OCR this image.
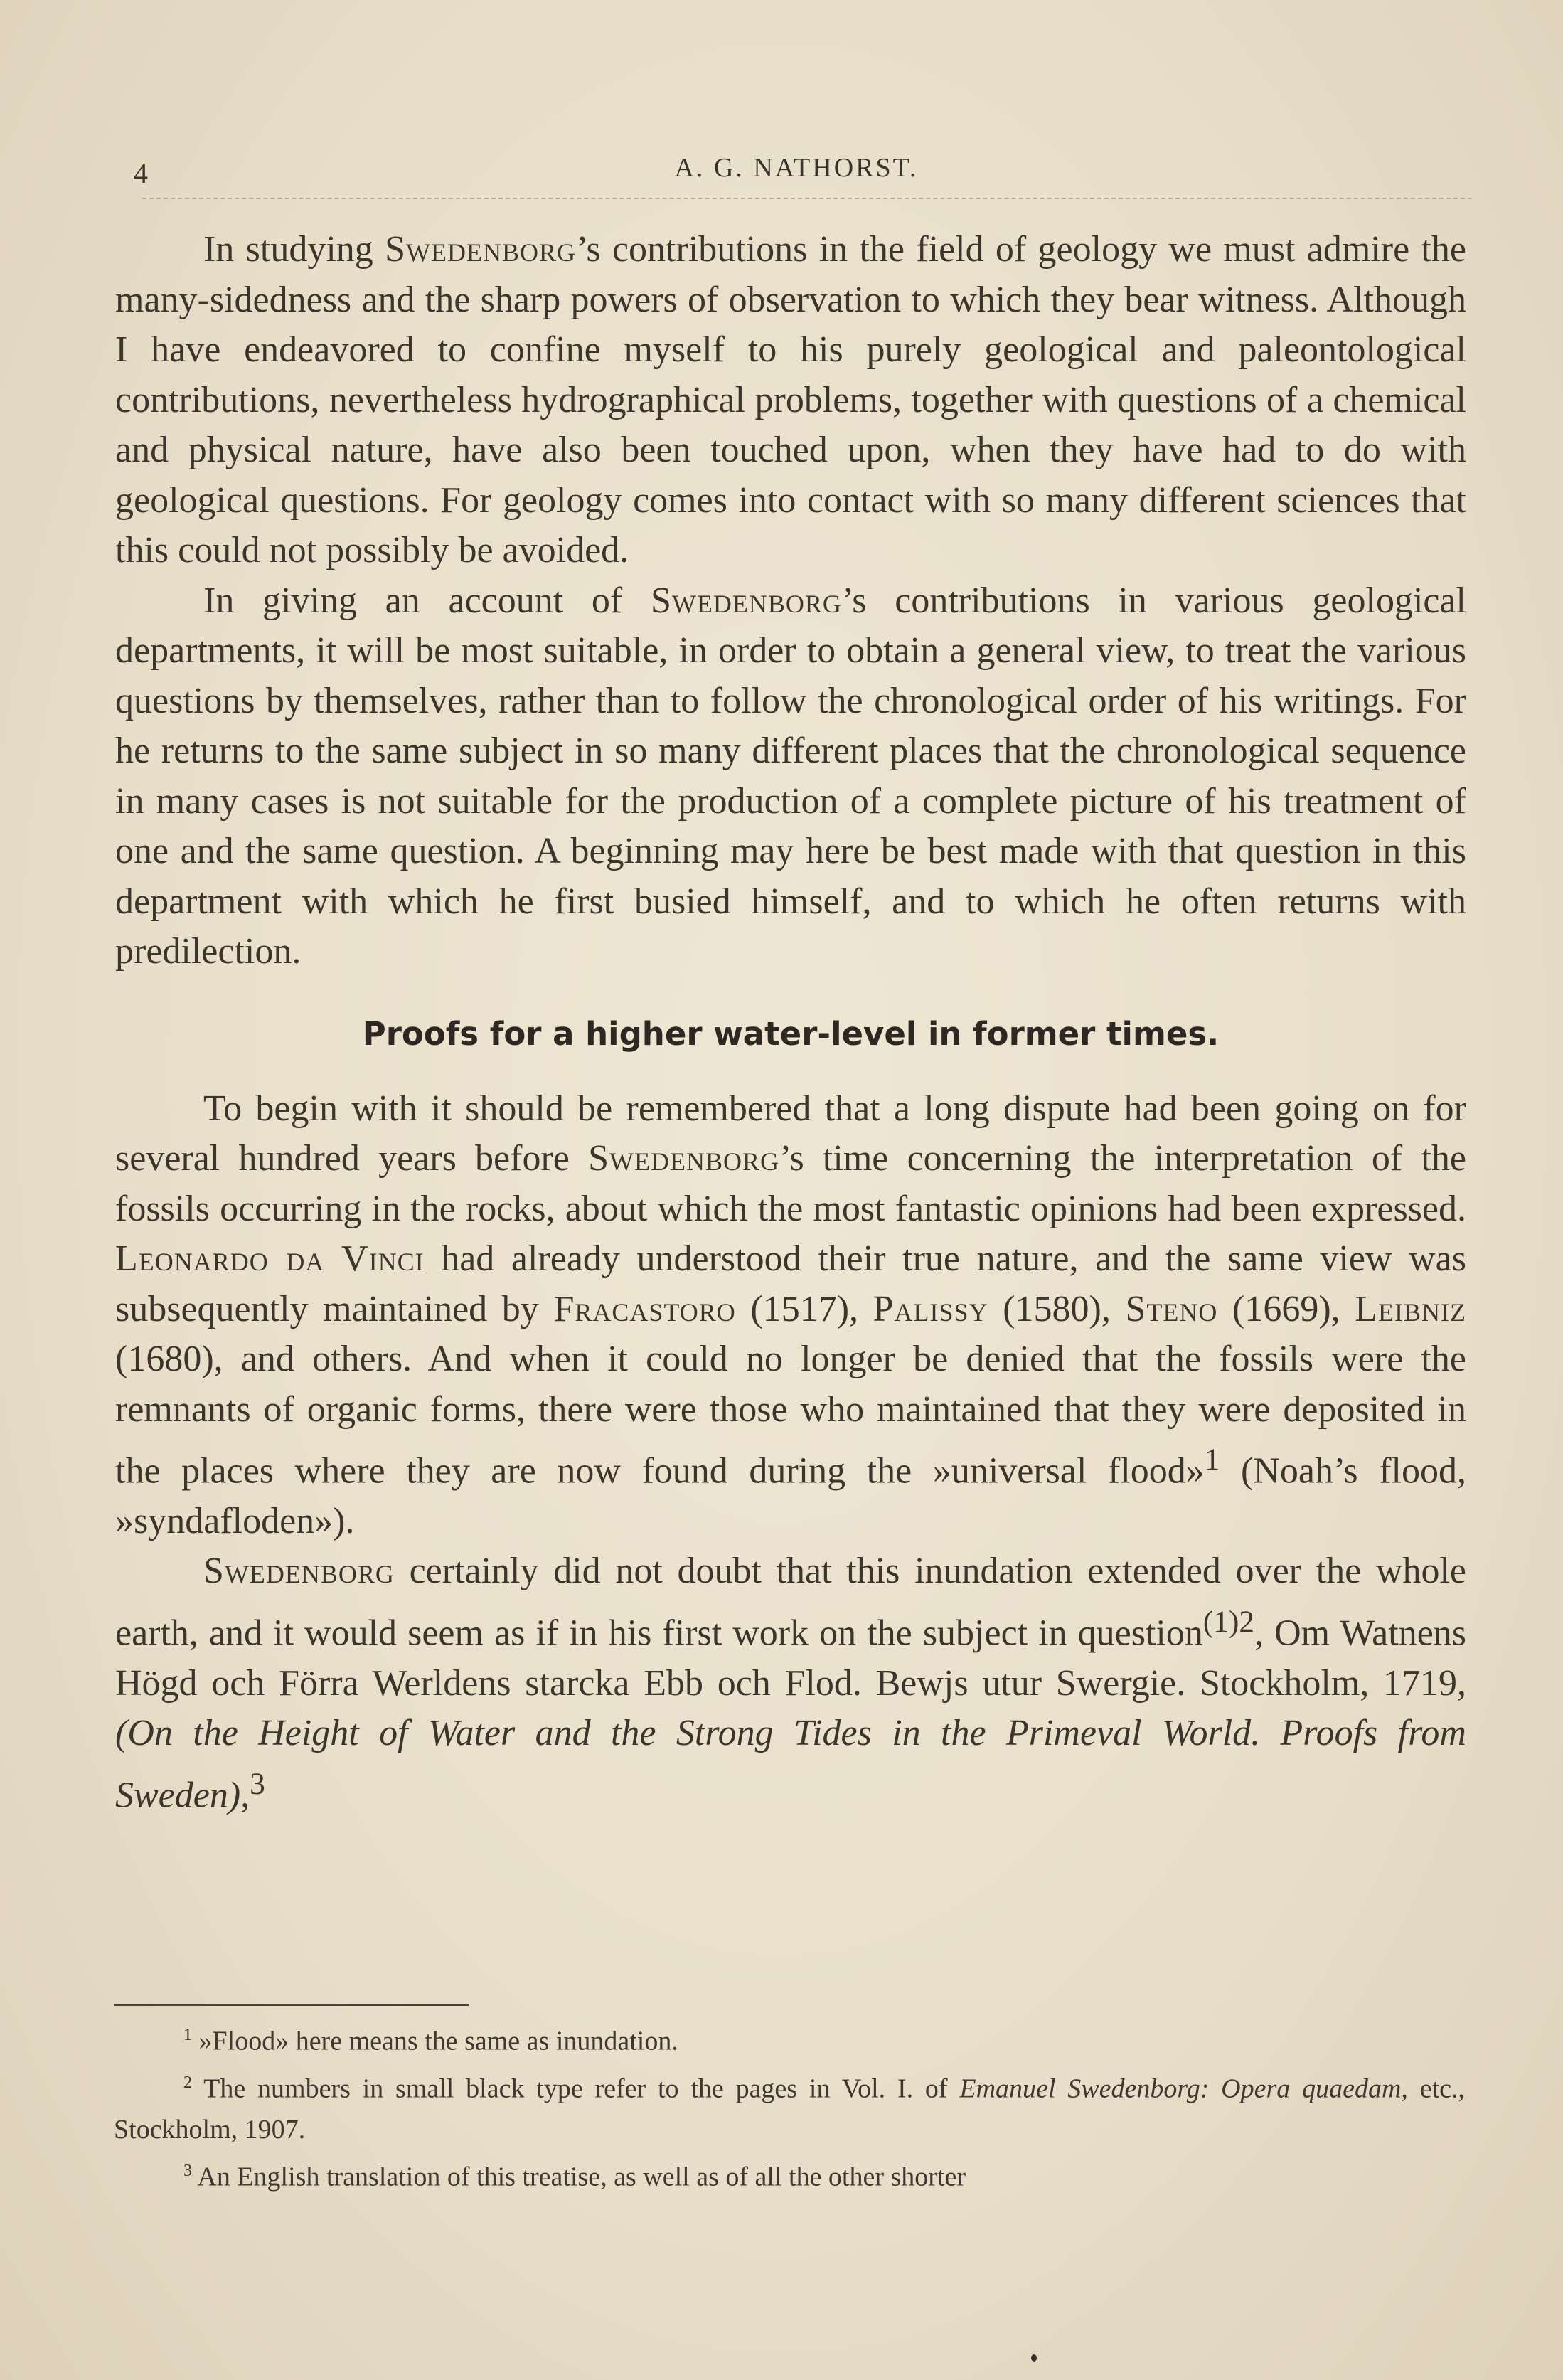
4	A. G. NATHORST.

In studying Swedenborg’s contributions in the field of geology we must admire the many-sidedness and the sharp powers of observation to which they bear witness. Although I have endeavored to confine myself to his purely geological and paleontological contributions, nevertheless hydrographical problems, together with questions of a chemical and physical nature, have also been touched upon, when they have had to do with geological questions. For geology comes into contact with so many different sciences that this could not possibly be avoided.

In giving an account of Swedenborg’s contributions in various geological departments, it will be most suitable, in order to obtain a general view, to treat the various questions by themselves, rather than to follow the chronological order of his writings. For he returns to the same subject in so many different places that the chronological sequence in many cases is not suitable for the production of a complete picture of his treatment of one and the same question. A beginning may here be best made with that question in this department with which he first busied himself, and to which he often returns with predilection.

Proofs for a higher water-level in former times.

To begin with it should be remembered that a long dispute had been going on for several hundred years before Swedenborg’s time concerning the interpretation of the fossils occurring in the rocks, about which the most fantastic opinions had been expressed. Leonardo da Vinci had already understood their true nature, and the same view was subsequently maintained by Fracastoro (1517), Palissy (1580), Steno (1669), Leibniz (1680), and others. And when it could no longer be denied that the fossils were the remnants of organic forms, there were those who maintained that they were deposited in the places where they are now found during the »universal flood»$^1$ (Noah’s flood, »syndafloden»).

Swedenborg certainly did not doubt that this inundation extended over the whole earth, and it would seem as if in his first work on the subject in question$^{(1)2}$, Om Watnens Högd och Förra Werldens starcka Ebb och Flod. Bewjs utur Swergie. Stockholm, 1719, (On the Height of Water and the Strong Tides in the Primeval World. Proofs from Sweden),$^3$

$^1$ »Flood» here means the same as inundation.

$^2$ The numbers in small black type refer to the pages in Vol. I. of Emanuel Swedenborg: Opera quaedam, etc., Stockholm, 1907.

$^3$ An English translation of this treatise, as well as of all the other shorter
